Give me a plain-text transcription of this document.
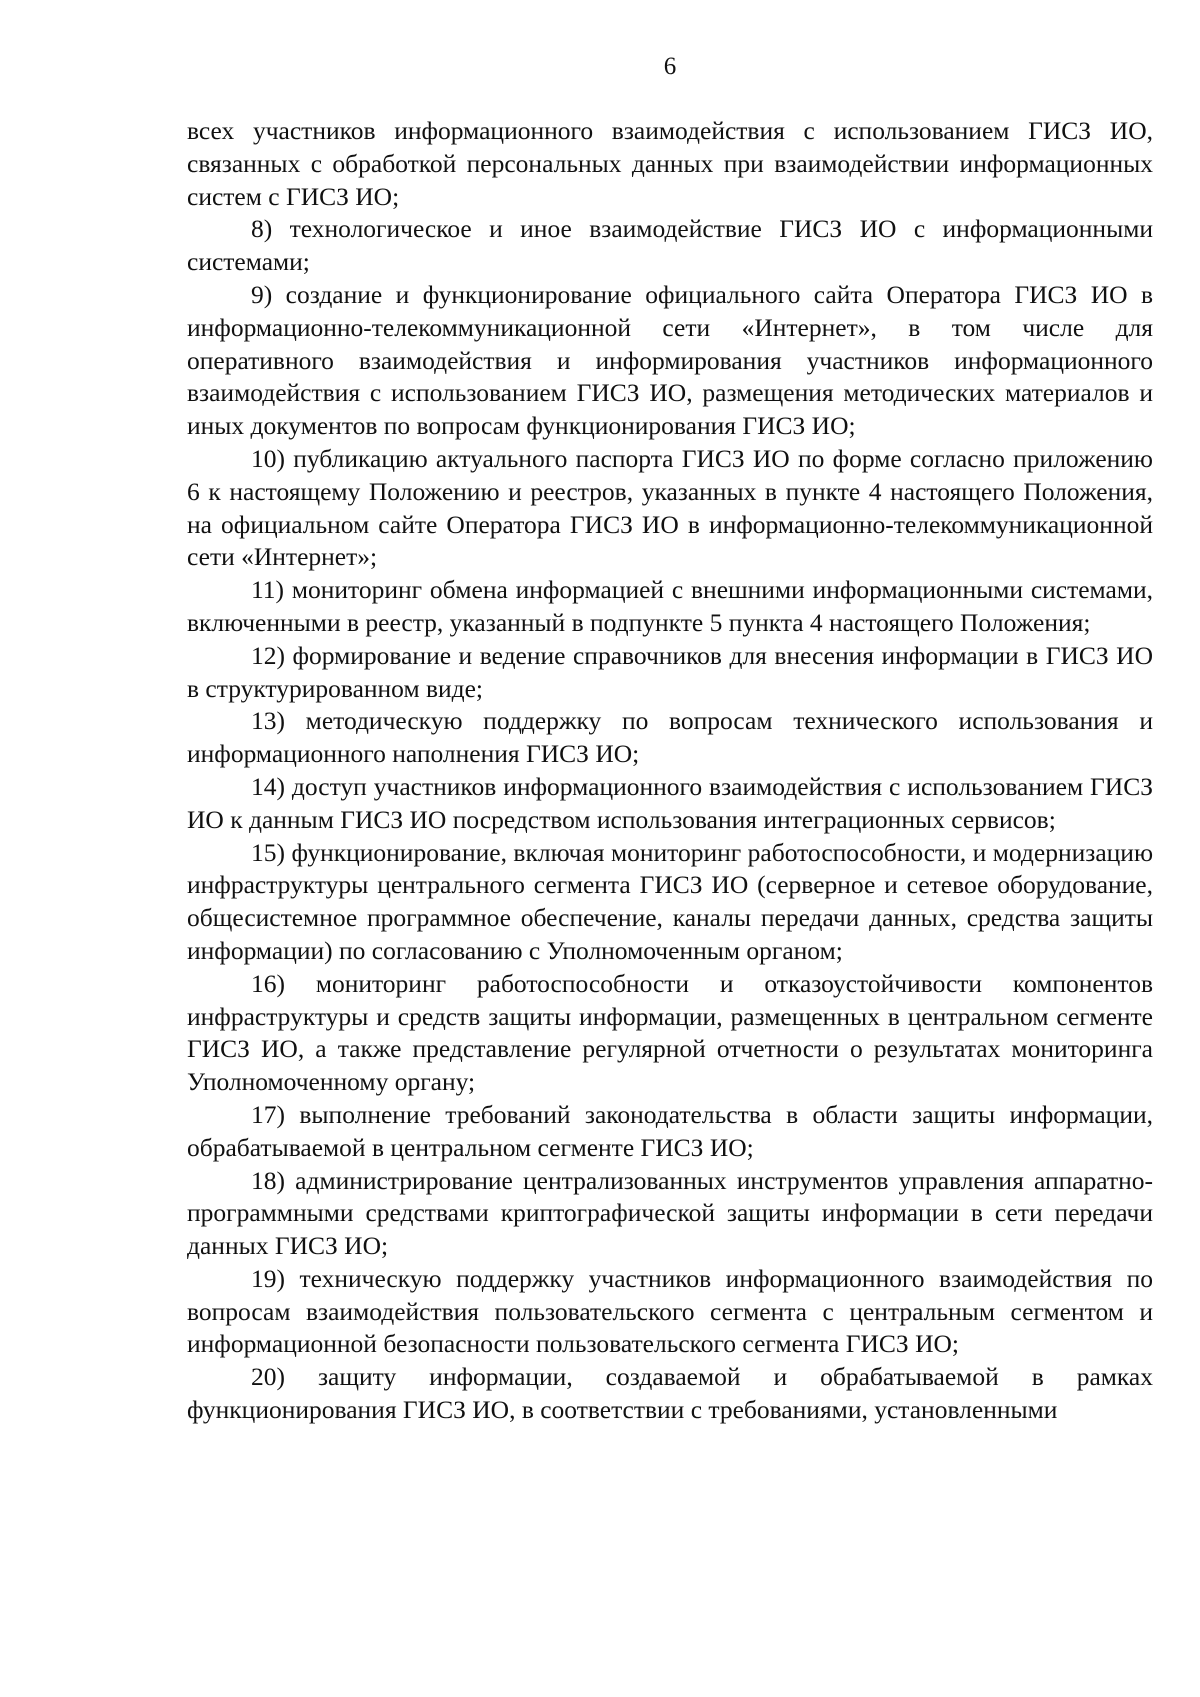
6

всех участников информационного взаимодействия с использованием ГИСЗ ИО, связанных с обработкой персональных данных при взаимодействии информационных систем с ГИСЗ ИО;

8) технологическое и иное взаимодействие ГИСЗ ИО с информационными системами;

9) создание и функционирование официального сайта Оператора ГИСЗ ИО в информационно-телекоммуникационной сети «Интернет», в том числе для оперативного взаимодействия и информирования участников информационного взаимодействия с использованием ГИСЗ ИО, размещения методических материалов и иных документов по вопросам функционирования ГИСЗ ИО;

10) публикацию актуального паспорта ГИСЗ ИО по форме согласно приложению 6 к настоящему Положению и реестров, указанных в пункте 4 настоящего Положения, на официальном сайте Оператора ГИСЗ ИО в информационно-телекоммуникационной сети «Интернет»;

11) мониторинг обмена информацией с внешними информационными системами, включенными в реестр, указанный в подпункте 5 пункта 4 настоящего Положения;

12) формирование и ведение справочников для внесения информации в ГИСЗ ИО в структурированном виде;

13) методическую поддержку по вопросам технического использования и информационного наполнения ГИСЗ ИО;

14) доступ участников информационного взаимодействия с использованием ГИСЗ ИО к данным ГИСЗ ИО посредством использования интеграционных сервисов;

15) функционирование, включая мониторинг работоспособности, и модернизацию инфраструктуры центрального сегмента ГИСЗ ИО (серверное и сетевое оборудование, общесистемное программное обеспечение, каналы передачи данных, средства защиты информации) по согласованию с Уполномоченным органом;

16) мониторинг работоспособности и отказоустойчивости компонентов инфраструктуры и средств защиты информации, размещенных в центральном сегменте ГИСЗ ИО, а также представление регулярной отчетности о результатах мониторинга Уполномоченному органу;

17) выполнение требований законодательства в области защиты информации, обрабатываемой в центральном сегменте ГИСЗ ИО;

18) администрирование централизованных инструментов управления аппаратно-программными средствами криптографической защиты информации в сети передачи данных ГИСЗ ИО;

19) техническую поддержку участников информационного взаимодействия по вопросам взаимодействия пользовательского сегмента с центральным сегментом и информационной безопасности пользовательского сегмента ГИСЗ ИО;

20) защиту информации, создаваемой и обрабатываемой в рамках функционирования ГИСЗ ИО, в соответствии с требованиями, установленными
